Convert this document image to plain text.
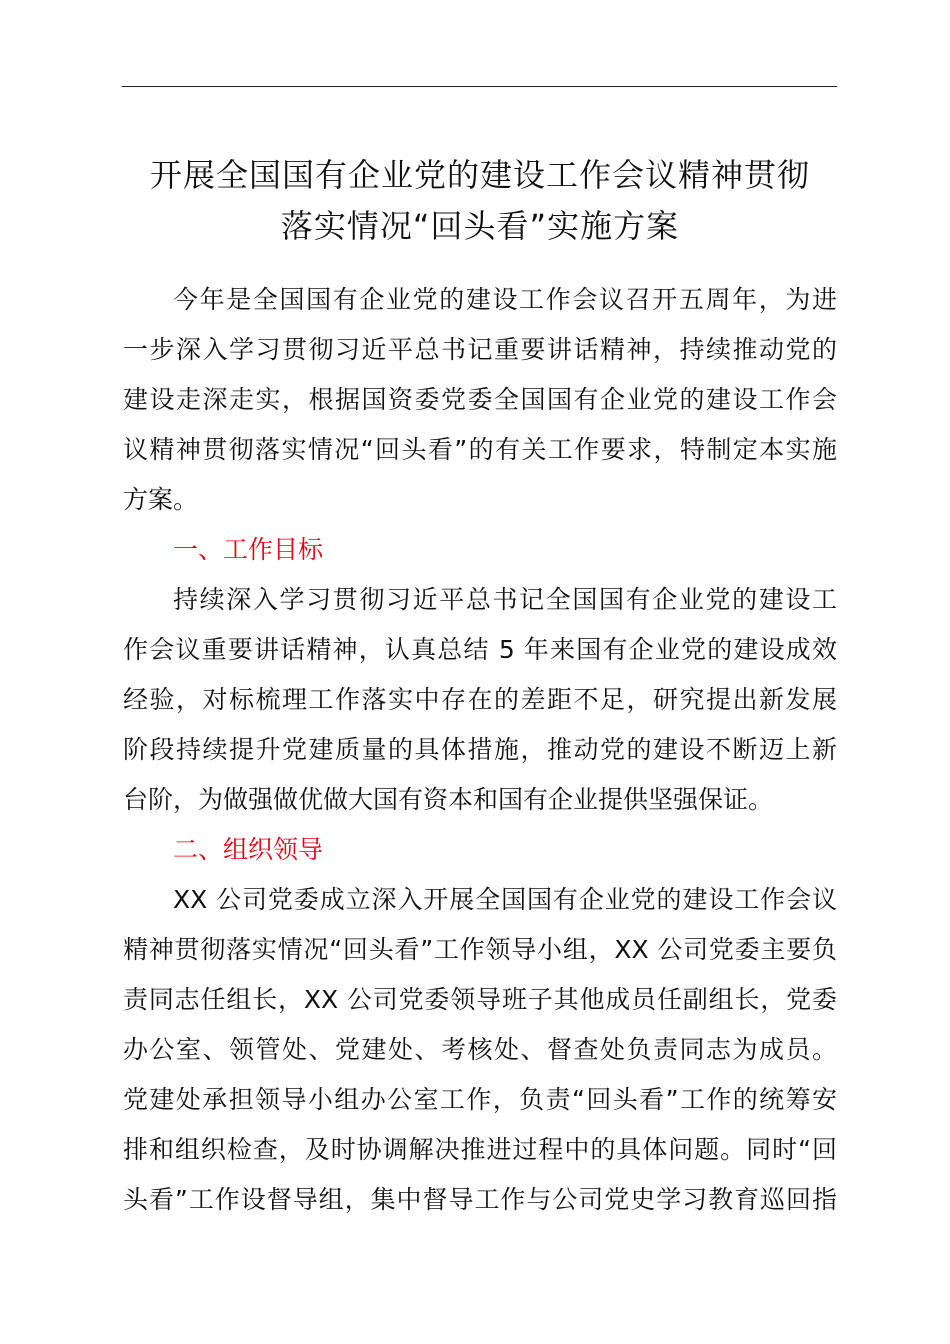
开展全国国有企业党的建设工作会议精神贯彻
落实情况“回头看”实施方案
今年是全国国有企业党的建设工作会议召开五周年，为进
一步深入学习贯彻习近平总书记重要讲话精神，持续推动党的
建设走深走实，根据国资委党委全国国有企业党的建设工作会
议精神贯彻落实情况“回头看”的有关工作要求，特制定本实施
方案。
一、工作目标
持续深入学习贯彻习近平总书记全国国有企业党的建设工
作会议重要讲话精神，认真总结 5 年来国有企业党的建设成效
经验，对标梳理工作落实中存在的差距不足，研究提出新发展
阶段持续提升党建质量的具体措施，推动党的建设不断迈上新
台阶，为做强做优做大国有资本和国有企业提供坚强保证。
二、组织领导
XX 公司党委成立深入开展全国国有企业党的建设工作会议
精神贯彻落实情况“回头看”工作领导小组，XX 公司党委主要负
责同志任组长，XX 公司党委领导班子其他成员任副组长，党委
办公室、领管处、党建处、考核处、督查处负责同志为成员。
党建处承担领导小组办公室工作，负责“回头看”工作的统筹安
排和组织检查，及时协调解决推进过程中的具体问题。同时“回
头看”工作设督导组，集中督导工作与公司党史学习教育巡回指
